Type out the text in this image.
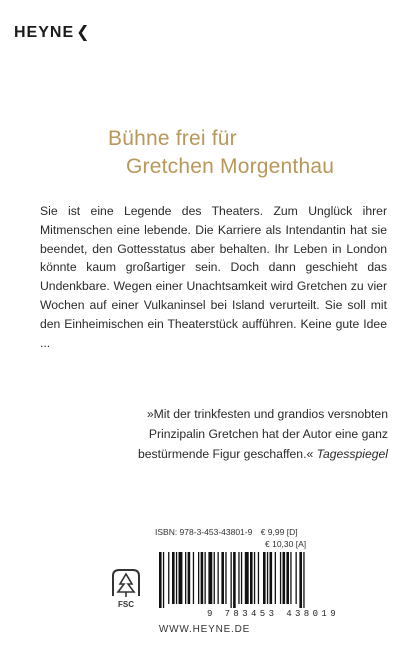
HEYNE ❮
Bühne frei für
Gretchen Morgenthau
Sie ist eine Legende des Theaters. Zum Unglück ihrer Mitmenschen eine lebende. Die Karriere als Intendantin hat sie beendet, den Gottesstatus aber behalten. Ihr Leben in London könnte kaum großartiger sein. Doch dann geschieht das Undenkbare. Wegen einer Unachtsamkeit wird Gretchen zu vier Wochen auf einer Vulkaninsel bei Island verurteilt. Sie soll mit den Einheimischen ein Theaterstück aufführen. Keine gute Idee ...
»Mit der trinkfesten und grandios versnobten Prinzipalin Gretchen hat der Autor eine ganz bestürmende Figur geschaffen.« Tagesspiegel
FSC
ISBN: 978-3-453-43801-9 € 9,99 [D]
€ 10,30 [A]
9 783453 438019
WWW.HEYNE.DE
